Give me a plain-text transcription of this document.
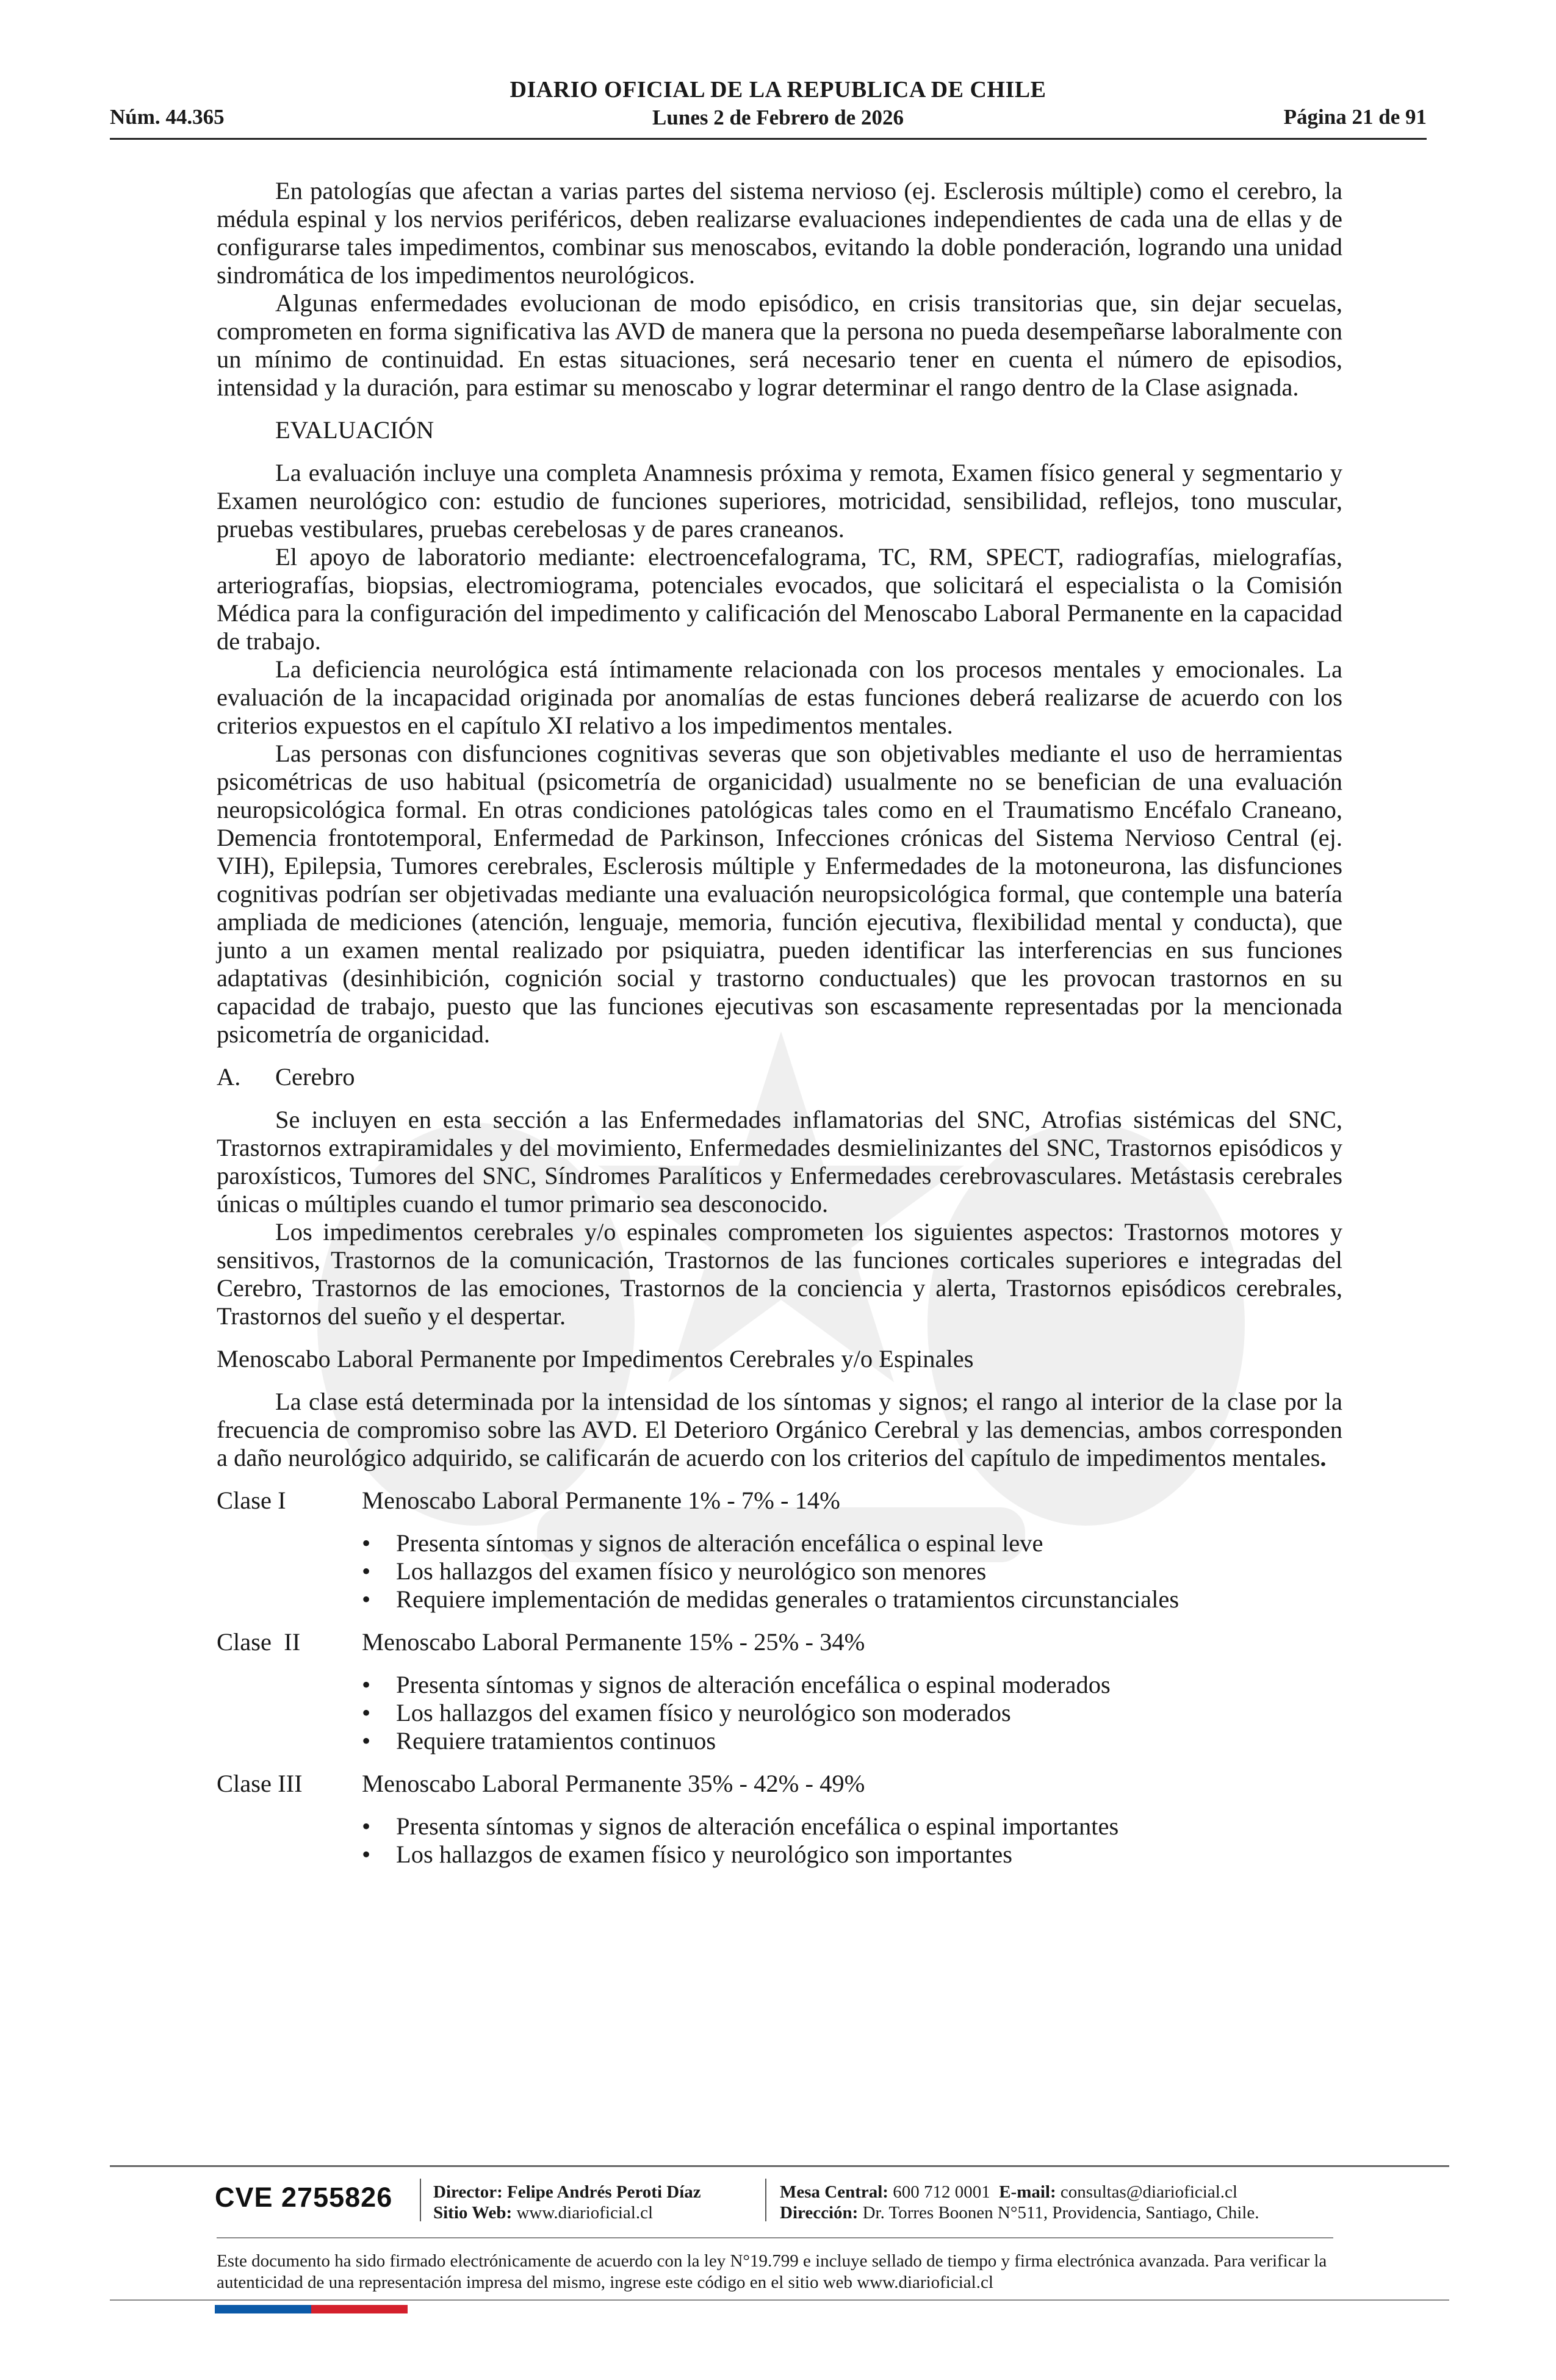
Núm. 44.365
DIARIO OFICIAL DE LA REPUBLICA DE CHILE
Lunes 2 de Febrero de 2026	Página 21 de 91

En patologías que afectan a varias partes del sistema nervioso (ej. Esclerosis múltiple) como el cerebro, la médula espinal y los nervios periféricos, deben realizarse evaluaciones independientes de cada una de ellas y de configurarse tales impedimentos, combinar sus menoscabos, evitando la doble ponderación, logrando una unidad sindromática de los impedimentos neurológicos.

Algunas enfermedades evolucionan de modo episódico, en crisis transitorias que, sin dejar secuelas, comprometen en forma significativa las AVD de manera que la persona no pueda desempeñarse laboralmente con un mínimo de continuidad. En estas situaciones, será necesario tener en cuenta el número de episodios, intensidad y la duración, para estimar su menoscabo y lograr determinar el rango dentro de la Clase asignada.

EVALUACIÓN

La evaluación incluye una completa Anamnesis próxima y remota, Examen físico general y segmentario y Examen neurológico con: estudio de funciones superiores, motricidad, sensibilidad, reflejos, tono muscular, pruebas vestibulares, pruebas cerebelosas y de pares craneanos.

El apoyo de laboratorio mediante: electroencefalograma, TC, RM, SPECT, radiografías, mielografías, arteriografías, biopsias, electromiograma, potenciales evocados, que solicitará el especialista o la Comisión Médica para la configuración del impedimento y calificación del Menoscabo Laboral Permanente en la capacidad de trabajo.

La deficiencia neurológica está íntimamente relacionada con los procesos mentales y emocionales. La evaluación de la incapacidad originada por anomalías de estas funciones deberá realizarse de acuerdo con los criterios expuestos en el capítulo XI relativo a los impedimentos mentales.

Las personas con disfunciones cognitivas severas que son objetivables mediante el uso de herramientas psicométricas de uso habitual (psicometría de organicidad) usualmente no se benefician de una evaluación neuropsicológica formal. En otras condiciones patológicas tales como en el Traumatismo Encéfalo Craneano, Demencia frontotemporal, Enfermedad de Parkinson, Infecciones crónicas del Sistema Nervioso Central (ej. VIH), Epilepsia, Tumores cerebrales, Esclerosis múltiple y Enfermedades de la motoneurona, las disfunciones cognitivas podrían ser objetivadas mediante una evaluación neuropsicológica formal, que contemple una batería ampliada de mediciones (atención, lenguaje, memoria, función ejecutiva, flexibilidad mental y conducta), que junto a un examen mental realizado por psiquiatra, pueden identificar las interferencias en sus funciones adaptativas (desinhibición, cognición social y trastorno conductuales) que les provocan trastornos en su capacidad de trabajo, puesto que las funciones ejecutivas son escasamente representadas por la mencionada psicometría de organicidad.

A.	Cerebro

Se incluyen en esta sección a las Enfermedades inflamatorias del SNC, Atrofias sistémicas del SNC, Trastornos extrapiramidales y del movimiento, Enfermedades desmielinizantes del SNC, Trastornos episódicos y paroxísticos, Tumores del SNC, Síndromes Paralíticos y Enfermedades cerebrovasculares. Metástasis cerebrales únicas o múltiples cuando el tumor primario sea desconocido.

Los impedimentos cerebrales y/o espinales comprometen los siguientes aspectos: Trastornos motores y sensitivos, Trastornos de la comunicación, Trastornos de las funciones corticales superiores e integradas del Cerebro, Trastornos de las emociones, Trastornos de la conciencia y alerta, Trastornos episódicos cerebrales, Trastornos del sueño y el despertar.

Menoscabo Laboral Permanente por Impedimentos Cerebrales y/o Espinales

La clase está determinada por la intensidad de los síntomas y signos; el rango al interior de la clase por la frecuencia de compromiso sobre las AVD. El Deterioro Orgánico Cerebral y las demencias, ambos corresponden a daño neurológico adquirido, se calificarán de acuerdo con los criterios del capítulo de impedimentos mentales.

Clase I	Menoscabo Laboral Permanente 1% - 7% - 14%
• Presenta síntomas y signos de alteración encefálica o espinal leve
• Los hallazgos del examen físico y neurológico son menores
• Requiere implementación de medidas generales o tratamientos circunstanciales
Clase  II	Menoscabo Laboral Permanente 15% - 25% - 34%
• Presenta síntomas y signos de alteración encefálica o espinal moderados
• Los hallazgos del examen físico y neurológico son moderados
• Requiere tratamientos continuos
Clase III	Menoscabo Laboral Permanente 35% - 42% - 49%
• Presenta síntomas y signos de alteración encefálica o espinal importantes
• Los hallazgos de examen físico y neurológico son importantes
CVE 2755826 Director: Felipe Andrés Peroti Díaz
Sitio Web: www.diarioficial.cl
Mesa Central: 600 712 0001 E-mail: consultas@diarioficial.cl
Dirección: Dr. Torres Boonen N°511, Providencia, Santiago, Chile.
Este documento ha sido firmado electrónicamente de acuerdo con la ley N°19.799 e incluye sellado de tiempo y firma electrónica avanzada. Para verificar la autenticidad de una representación impresa del mismo, ingrese este código en el sitio web www.diarioficial.cl
